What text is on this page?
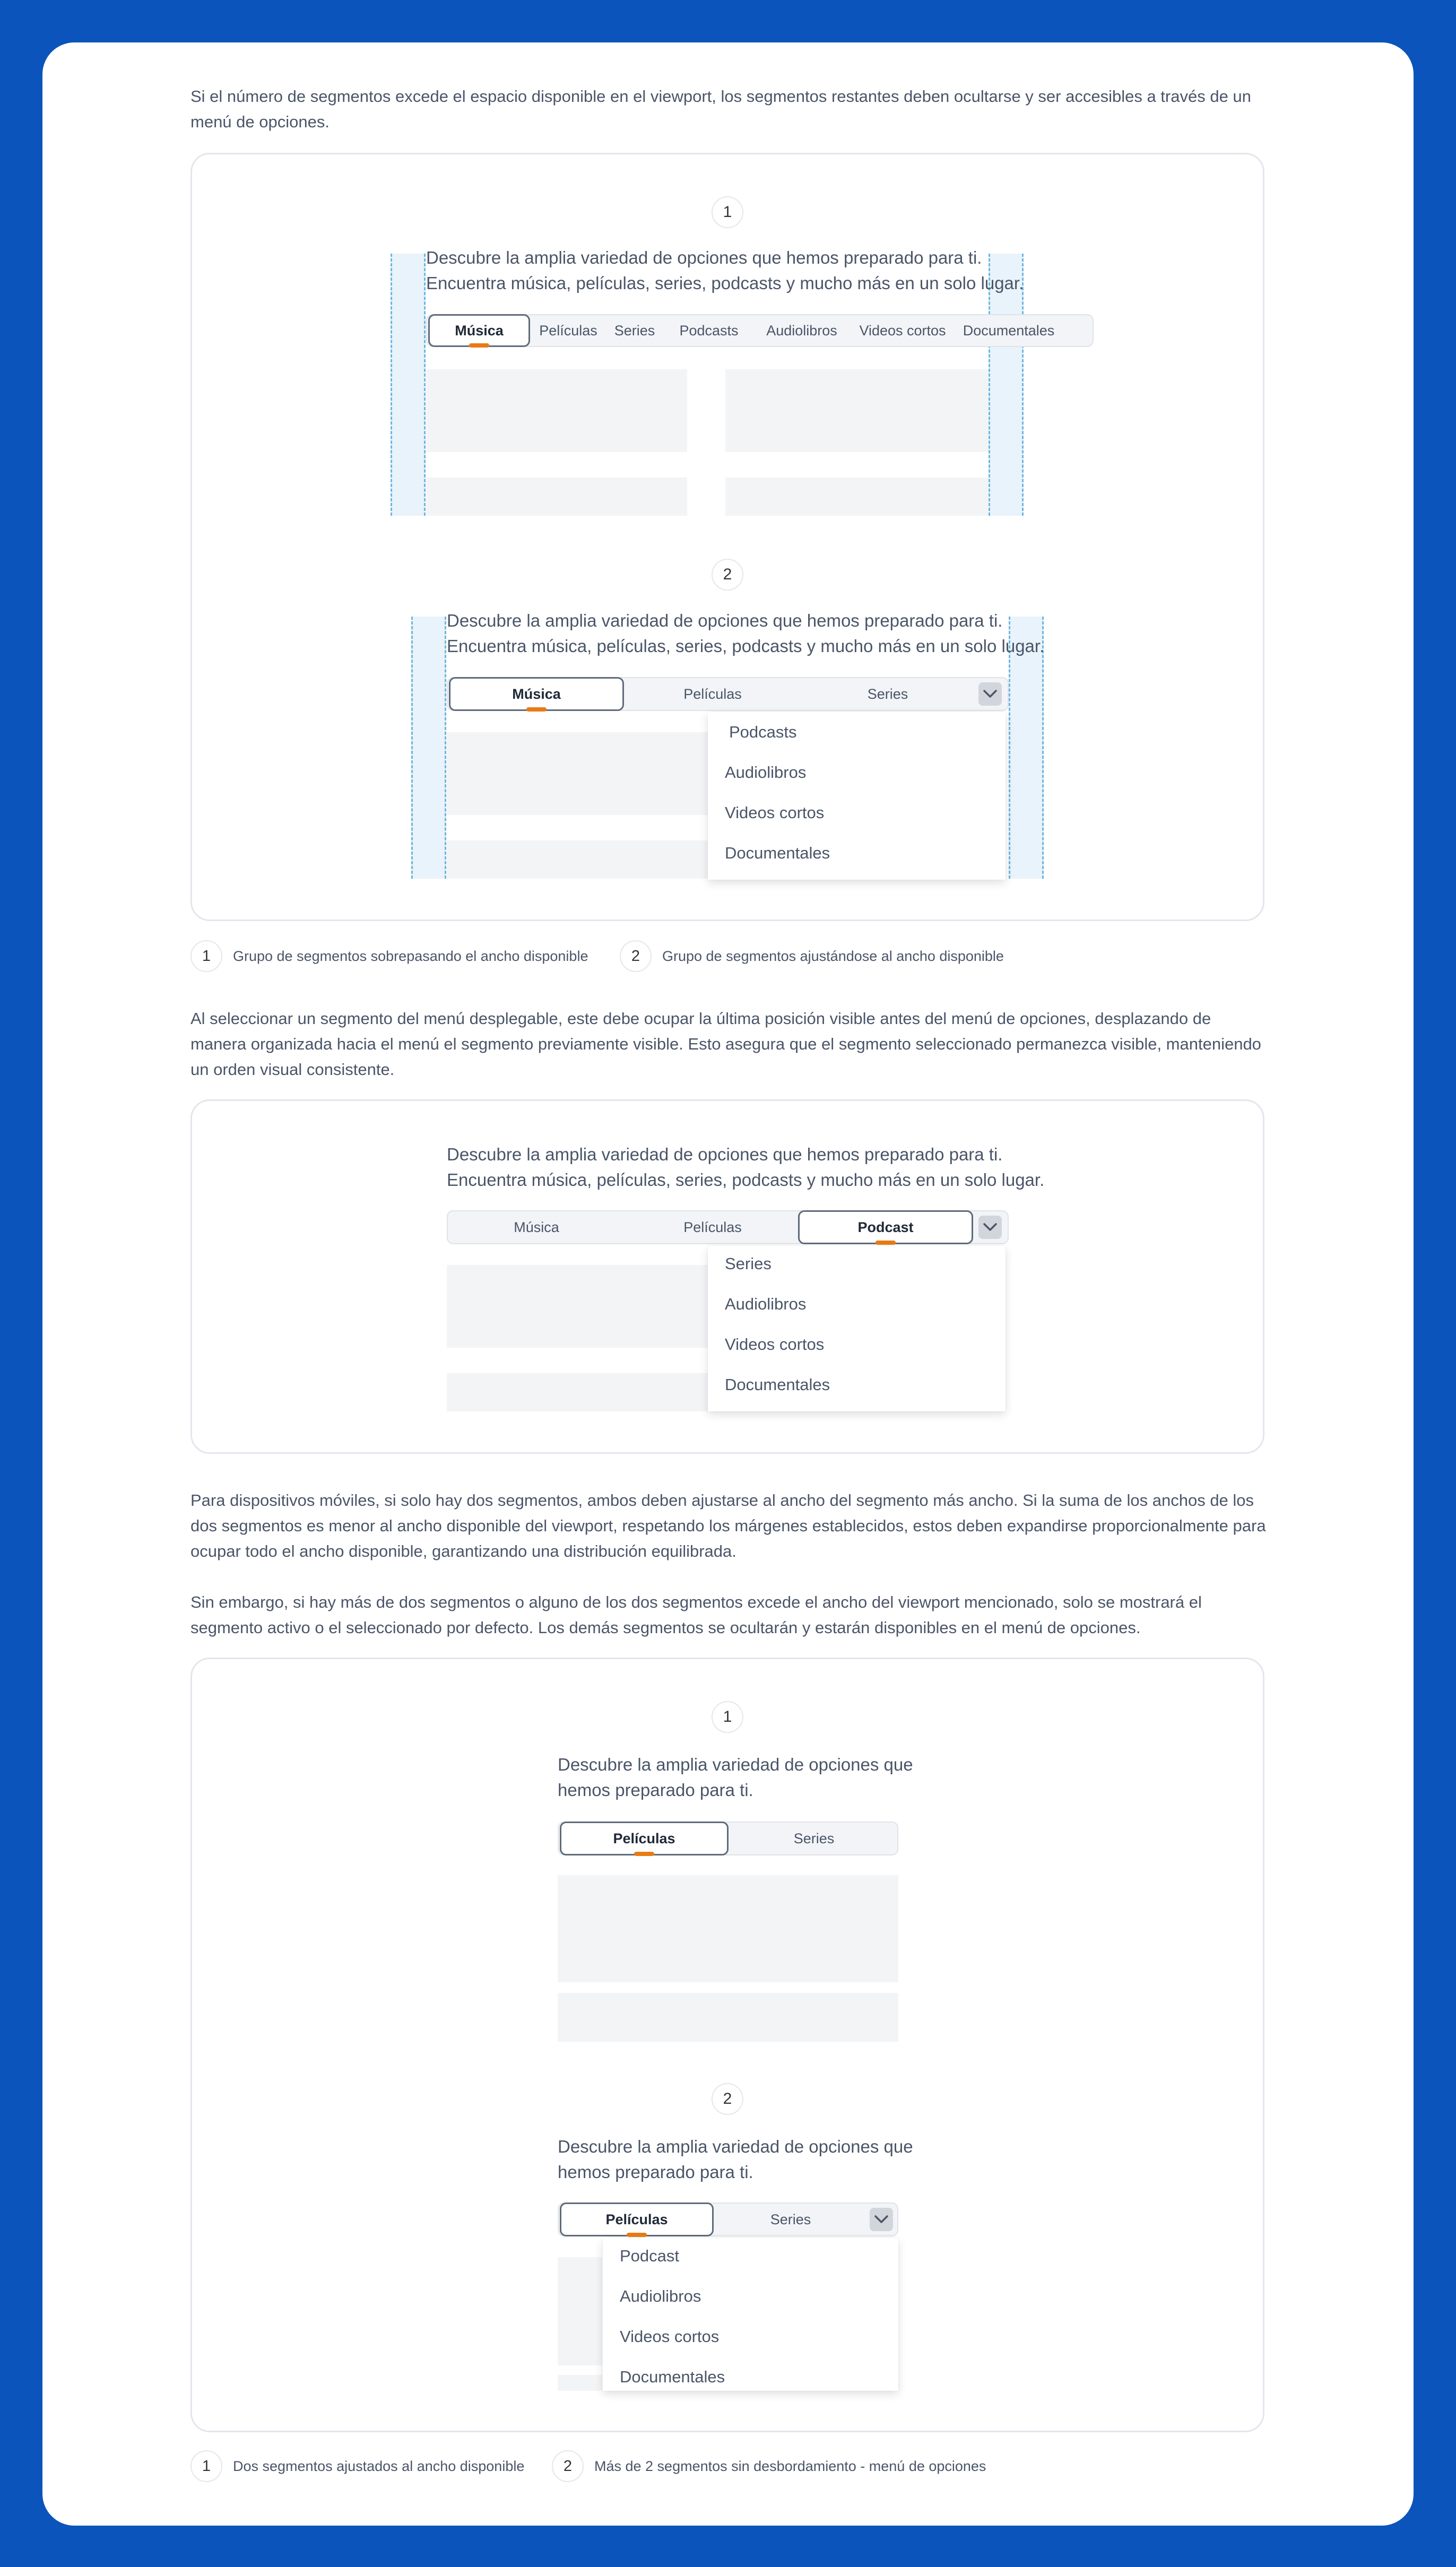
Si el número de segmentos excede el espacio disponible en el viewport, los segmentos restantes deben ocultarse y ser accesibles a través de un menú de opciones.

1
Descubre la amplia variedad de opciones que hemos preparado para ti.
Encuentra música, películas, series, podcasts y mucho más en un solo lugar.
Música	Películas	Series	Podcasts	Audiolibros	Videos cortos	Documentales
2
Descubre la amplia variedad de opciones que hemos preparado para ti.
Encuentra música, películas, series, podcasts y mucho más en un solo lugar.
Música	Películas	Series
Podcasts
Audiolibros
Videos cortos
Documentales
1	Grupo de segmentos sobrepasando el ancho disponible	2	Grupo de segmentos ajustándose al ancho disponible

Al seleccionar un segmento del menú desplegable, este debe ocupar la última posición visible antes del menú de opciones, desplazando de manera organizada hacia el menú el segmento previamente visible. Esto asegura que el segmento seleccionado permanezca visible, manteniendo un orden visual consistente.

Descubre la amplia variedad de opciones que hemos preparado para ti.
Encuentra música, películas, series, podcasts y mucho más en un solo lugar.
Música	Películas	Podcast
Series
Audiolibros
Videos cortos
Documentales

Para dispositivos móviles, si solo hay dos segmentos, ambos deben ajustarse al ancho del segmento más ancho. Si la suma de los anchos de los dos segmentos es menor al ancho disponible del viewport, respetando los márgenes establecidos, estos deben expandirse proporcionalmente para ocupar todo el ancho disponible, garantizando una distribución equilibrada.

Sin embargo, si hay más de dos segmentos o alguno de los dos segmentos excede el ancho del viewport mencionado, solo se mostrará el segmento activo o el seleccionado por defecto. Los demás segmentos se ocultarán y estarán disponibles en el menú de opciones.

1
Descubre la amplia variedad de opciones que
hemos preparado para ti.
Películas	Series
2
Descubre la amplia variedad de opciones que
hemos preparado para ti.
Películas	Series
Podcast
Audiolibros
Videos cortos
Documentales
1	Dos segmentos ajustados al ancho disponible	2	Más de 2 segmentos sin desbordamiento - menú de opciones
